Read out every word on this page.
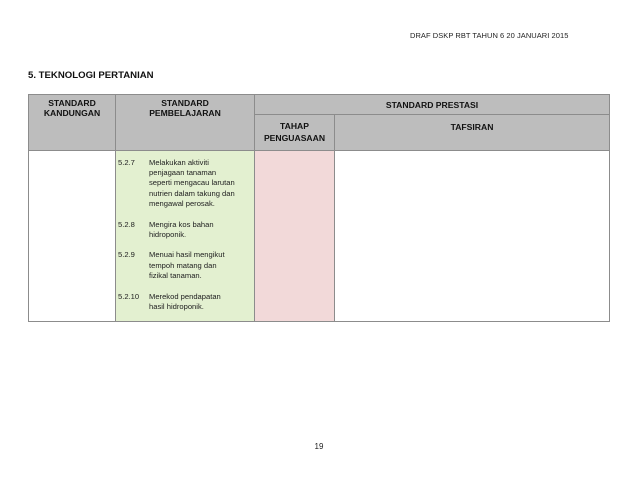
DRAF DSKP RBT TAHUN 6 20 JANUARI 2015
5. TEKNOLOGI PERTANIAN
STANDARD
KANDUNGAN
STANDARD
PEMBELAJARAN
STANDARD PRESTASI
TAHAP
PENGUASAAN
TAFSIRAN
5.2.7 Melakukan aktiviti
penjagaan tanaman
seperti mengacau larutan
nutrien dalam takung dan
mengawal perosak.
5.2.8 Mengira kos bahan
hidroponik.
5.2.9 Menuai hasil mengikut
tempoh matang dan
fizikal tanaman.
5.2.10 Merekod pendapatan
hasil hidroponik.
19
